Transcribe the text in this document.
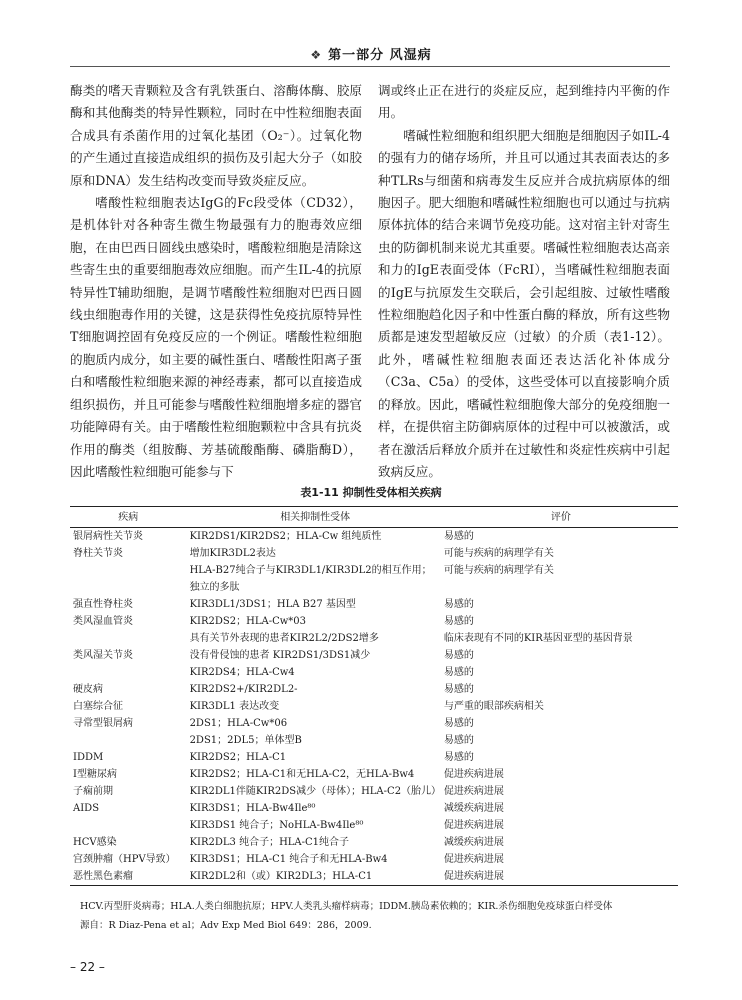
❖ 第一部分 风湿病

酶类的嗜天青颗粒及含有乳铁蛋白、溶酶体酶、胶原酶和其他酶类的特异性颗粒，同时在中性粒细胞表面合成具有杀菌作用的过氧化基团（O₂⁻）。过氧化物的产生通过直接造成组织的损伤及引起大分子（如胶原和DNA）发生结构改变而导致炎症反应。

嗜酸性粒细胞表达IgG的Fc段受体（CD32），是机体针对各种寄生微生物最强有力的胞毒效应细胞，在由巴西日圆线虫感染时，嗜酸粒细胞是清除这些寄生虫的重要细胞毒效应细胞。而产生IL-4的抗原特异性T辅助细胞，是调节嗜酸性粒细胞对巴西日圆线虫细胞毒作用的关键，这是获得性免疫抗原特异性T细胞调控固有免疫反应的一个例证。嗜酸性粒细胞的胞质内成分，如主要的碱性蛋白、嗜酸性阳离子蛋白和嗜酸性粒细胞来源的神经毒素，都可以直接造成组织损伤，并且可能参与嗜酸性粒细胞增多症的器官功能障碍有关。由于嗜酸性粒细胞颗粒中含具有抗炎作用的酶类（组胺酶、芳基硫酸酯酶、磷脂酶D），因此嗜酸性粒细胞可能参与下

调或终止正在进行的炎症反应，起到维持内平衡的作用。

嗜碱性粒细胞和组织肥大细胞是细胞因子如IL-4的强有力的储存场所，并且可以通过其表面表达的多种TLRs与细菌和病毒发生反应并合成抗病原体的细胞因子。肥大细胞和嗜碱性粒细胞也可以通过与抗病原体抗体的结合来调节免疫功能。这对宿主针对寄生虫的防御机制来说尤其重要。嗜碱性粒细胞表达高亲和力的IgE表面受体（FcRI），当嗜碱性粒细胞表面的IgE与抗原发生交联后，会引起组胺、过敏性嗜酸性粒细胞趋化因子和中性蛋白酶的释放，所有这些物质都是速发型超敏反应（过敏）的介质（表1-12）。此外，嗜碱性粒细胞表面还表达活化补体成分（C3a、C5a）的受体，这些受体可以直接影响介质的释放。因此，嗜碱性粒细胞像大部分的免疫细胞一样，在提供宿主防御病原体的过程中可以被激活，或者在激活后释放介质并在过敏性和炎症性疾病中引起致病反应。

表1-11 抑制性受体相关疾病
疾病	相关抑制性受体	评价
银屑病性关节炎	KIR2DS1/KIR2DS2；HLA-Cw 组纯质性	易感的
脊柱关节炎	增加KIR3DL2表达	可能与疾病的病理学有关
	HLA-B27纯合子与KIR3DL1/KIR3DL2的相互作用；独立的多肽	可能与疾病的病理学有关
强直性脊柱炎	KIR3DL1/3DS1；HLA B27 基因型	易感的
类风湿血管炎	KIR2DS2；HLA-Cw*03	易感的
	具有关节外表现的患者KIR2L2/2DS2增多	临床表现有不同的KIR基因亚型的基因背景
类风湿关节炎	没有骨侵蚀的患者 KIR2DS1/3DS1减少	易感的
	KIR2DS4；HLA-Cw4	易感的
硬皮病	KIR2DS2+/KIR2DL2-	易感的
白塞综合征	KIR3DL1 表达改变	与严重的眼部疾病相关
寻常型银屑病	2DS1；HLA-Cw*06	易感的
	2DS1；2DL5；单体型B	易感的
IDDM	KIR2DS2；HLA-C1	易感的
I型糖尿病	KIR2DS2；HLA-C1和无HLA-C2，无HLA-Bw4	促进疾病进展
子痫前期	KIR2DL1伴随KIR2DS减少（母体）；HLA-C2（胎儿）	促进疾病进展
AIDS	KIR3DS1；HLA-Bw4Ile⁸⁰	减缓疾病进展
	KIR3DS1 纯合子；NoHLA-Bw4Ile⁸⁰	促进疾病进展
HCV感染	KIR2DL3 纯合子；HLA-C1纯合子	减缓疾病进展
宫颈肿瘤（HPV导致）	KIR3DS1；HLA-C1 纯合子和无HLA-Bw4	促进疾病进展
恶性黑色素瘤	KIR2DL2和（或）KIR2DL3；HLA-C1	促进疾病进展
HCV.丙型肝炎病毒；HLA.人类白细胞抗原；HPV.人类乳头瘤样病毒；IDDM.胰岛素依赖的；KIR.杀伤细胞免疫球蛋白样受体
源自：R Diaz-Pena et al；Adv Exp Med Biol 649：286，2009.
– 22 –
